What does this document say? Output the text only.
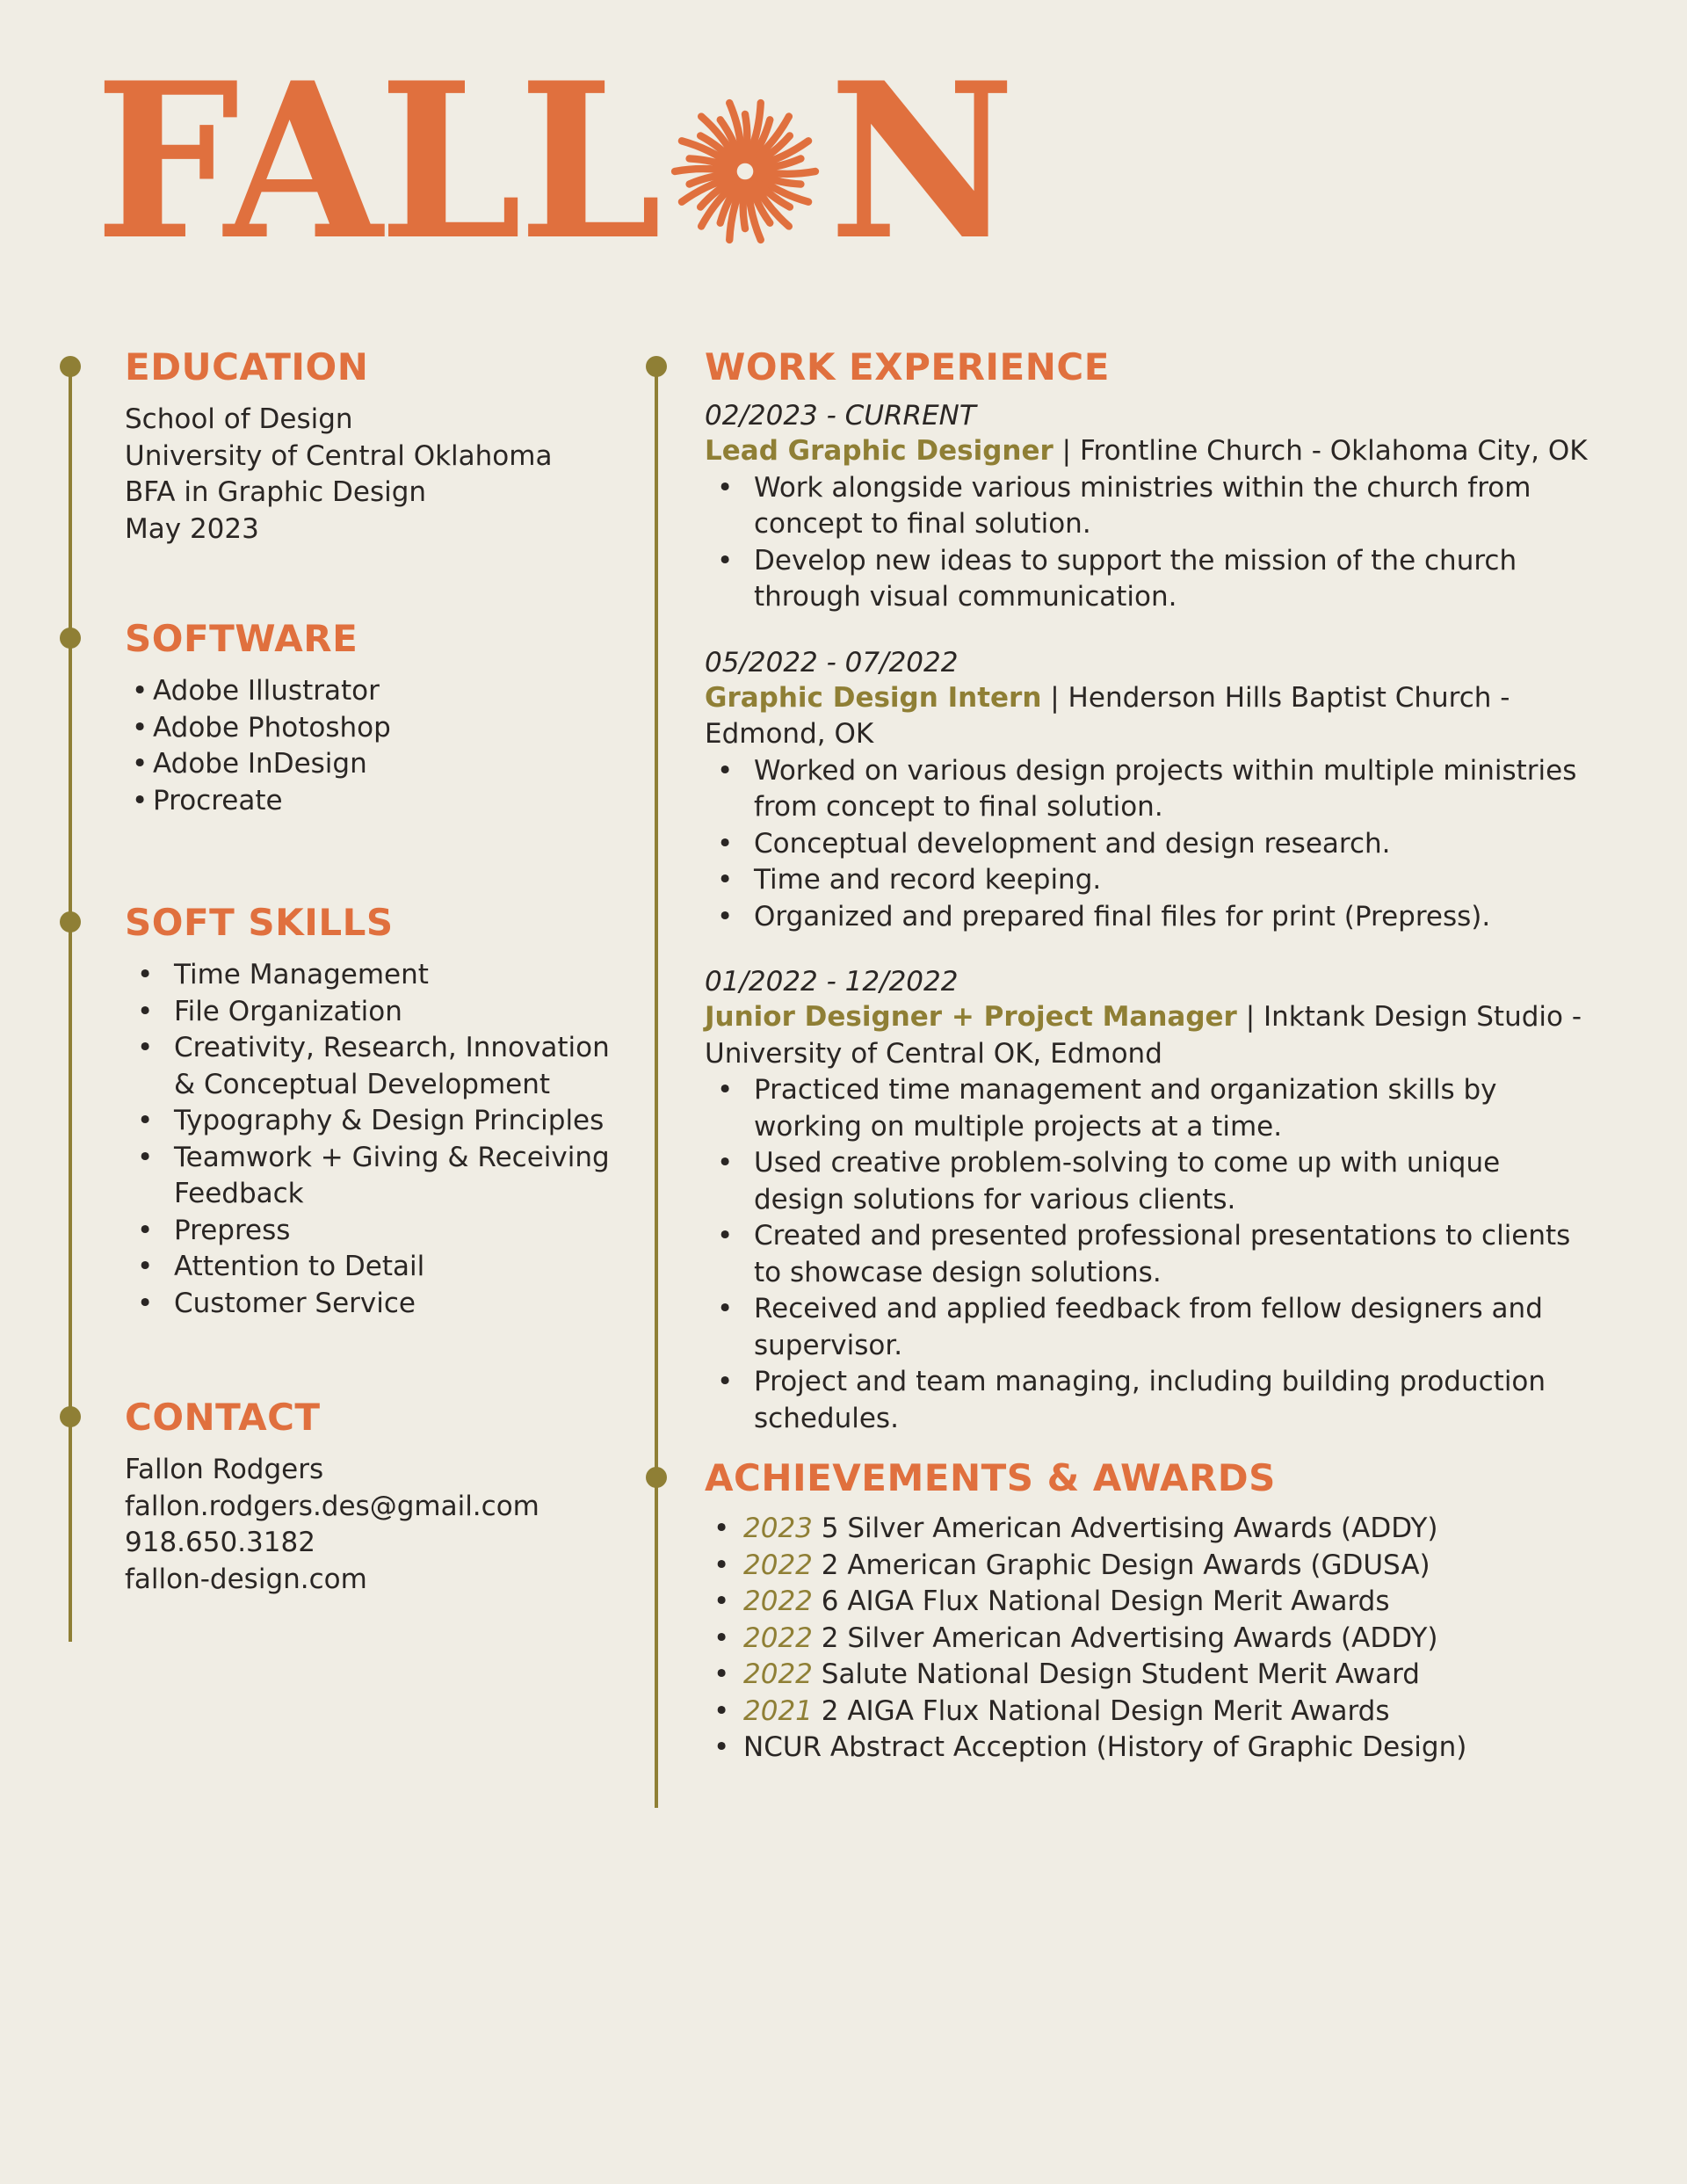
FALL N
EDUCATION
School of Design
University of Central Oklahoma
BFA in Graphic Design
May 2023
SOFTWARE
• Adobe Illustrator
• Adobe Photoshop
• Adobe InDesign
• Procreate
SOFT SKILLS
• Time Management
• File Organization
• Creativity, Research, Innovation & Conceptual Development
• Typography & Design Principles
• Teamwork + Giving & Receiving Feedback
• Prepress
• Attention to Detail
• Customer Service
CONTACT
Fallon Rodgers
fallon.rodgers.des@gmail.com
918.650.3182
fallon-design.com
WORK EXPERIENCE
02/2023 - CURRENT
Lead Graphic Designer | Frontline Church - Oklahoma City, OK
• Work alongside various ministries within the church from concept to final solution.
• Develop new ideas to support the mission of the church through visual communication.
05/2022 - 07/2022
Graphic Design Intern | Henderson Hills Baptist Church - Edmond, OK
• Worked on various design projects within multiple ministries from concept to final solution.
• Conceptual development and design research.
• Time and record keeping.
• Organized and prepared final files for print (Prepress).
01/2022 - 12/2022
Junior Designer + Project Manager | Inktank Design Studio - University of Central OK, Edmond
• Practiced time management and organization skills by working on multiple projects at a time.
• Used creative problem-solving to come up with unique design solutions for various clients.
• Created and presented professional presentations to clients to showcase design solutions.
• Received and applied feedback from fellow designers and supervisor.
• Project and team managing, including building production schedules.
ACHIEVEMENTS & AWARDS
• 2023 5 Silver American Advertising Awards (ADDY)
• 2022 2 American Graphic Design Awards (GDUSA)
• 2022 6 AIGA Flux National Design Merit Awards
• 2022 2 Silver American Advertising Awards (ADDY)
• 2022 Salute National Design Student Merit Award
• 2021 2 AIGA Flux National Design Merit Awards
• NCUR Abstract Acception (History of Graphic Design)
